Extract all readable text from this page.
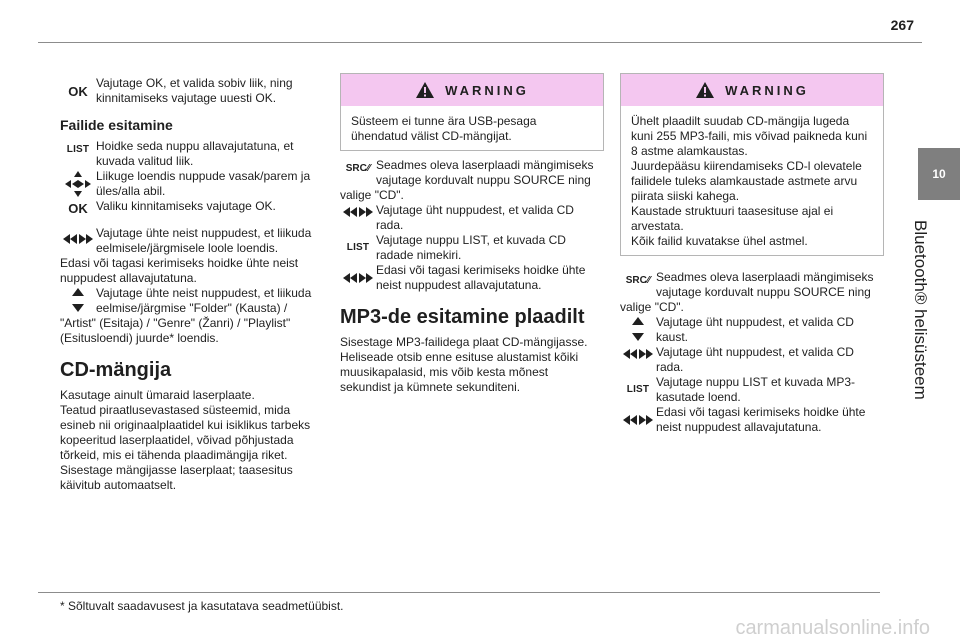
267
10
Bluetooth® helisüsteem
OK
Vajutage OK, et valida sobiv liik, ning kinnitamiseks vajutage uuesti OK.
Failide esitamine
LIST Hoidke seda nuppu allavajutatuna, et kuvada valitud liik.
Liikuge loendis nuppude vasak/parem ja üles/alla abil.
OK Valiku kinnitamiseks vajutage OK.
Vajutage ühte neist nuppudest, et liikuda eelmisele/järgmisele loole loendis.
Edasi või tagasi kerimiseks hoidke ühte neist nuppudest allavajutatuna.
Vajutage ühte neist nuppudest, et liikuda eelmise/järgmise "Folder" (Kausta) /
"Artist" (Esitaja) / "Genre" (Žanri) / "Playlist"
(Esitusloendi) juurde* loendis.
CD-mängija
Kasutage ainult ümaraid laserplaate.
Teatud piraatlusevastased süsteemid, mida esineb nii originaalplaatidel kui isiklikus tarbeks kopeeritud laserplaatidel, võivad põhjustada tõrkeid, mis ei tähenda plaadimängija riket.
Sisestage mängijasse laserplaat; taasesitus käivitub automaatselt.
WARNING
Süsteem ei tunne ära USB-pesaga ühendatud välist CD-mängijat.
SRC ⁄⁄ Seadmes oleva laserplaadi mängimiseks vajutage korduvalt nuppu SOURCE ning
valige "CD".
Vajutage üht nuppudest, et valida CD rada.
LIST
Vajutage nuppu LIST, et kuvada CD radade nimekiri.
Edasi või tagasi kerimiseks hoidke ühte neist nuppudest allavajutatuna.
MP3-de esitamine plaadilt
Sisestage MP3-failidega plaat CD-mängijasse.
Heliseade otsib enne esituse alustamist kõiki muusikapalasid, mis võib kesta mõnest sekundist ja kümnete sekunditeni.
WARNING
Ühelt plaadilt suudab CD-mängija lugeda kuni 255 MP3-faili, mis võivad paikneda kuni 8 astme alamkaustas.
Juurdepääsu kiirendamiseks CD-l olevatele failidele tuleks alamkaustade astmete arvu piirata siiski kahega.
Kaustade struktuuri taasesituse ajal ei arvestata.
Kõik failid kuvatakse ühel astmel.
SRC ⁄⁄ Seadmes oleva laserplaadi mängimiseks vajutage korduvalt nuppu SOURCE ning
valige "CD".
Vajutage üht nuppudest, et valida CD kaust.
Vajutage üht nuppudest, et valida CD rada.
LIST
Vajutage nuppu LIST et kuvada MP3-kasutade loend.
Edasi või tagasi kerimiseks hoidke ühte neist nuppudest allavajutatuna.
* Sõltuvalt saadavusest ja kasutatava seadmetüübist.
carmanualsonline.info
